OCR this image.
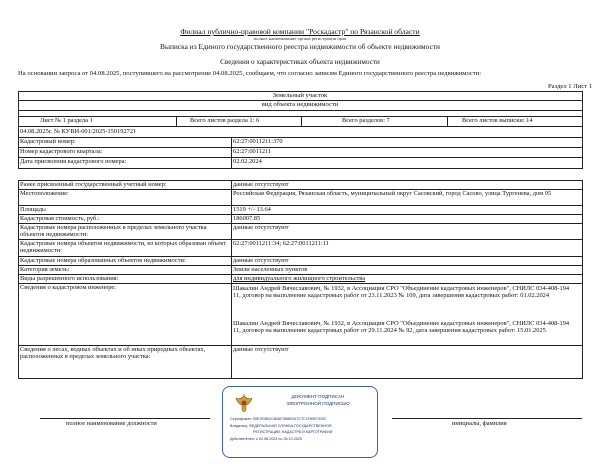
Филиал публично-правовой компании "Роскадастр" по Рязанской области
полное наименование органа регистрации прав
Выписка из Единого государственного реестра недвижимости об объекте недвижимости
Сведения о характеристиках объекта недвижимости
На основании запроса от 04.08.2025, поступившего на рассмотрение 04.08.2025, сообщаем, что согласно записям Единого государственного реестра недвижимости:
Раздел 1 Лист 1
Земельный участок
вид объекта недвижимости
Лист № 1 раздела 1	Всего листов раздела 1: 6	Всего разделов: 7	Всего листов выписки: 14
04.08.2025г. № КУВИ-001/2025-150192721
Кадастровый номер:	62:27:0011211:370
Номер кадастрового квартала:	62:27:0011211
Дата присвоения кадастрового номера:	02.02.2024
Ранее присвоенный государственный учетный номер:	данные отсутствуют
Местоположение:	Российская Федерация, Рязанская область, муниципальный округ Сасовский, город Сасово, улица Тургенева, дом 95
Площадь:	1519 +/- 13.64
Кадастровая стоимость, руб.:	186007.85
Кадастровые номера расположенных в пределах земельного участка объектов недвижимости:
данные отсутствуют
Кадастровые номера объектов недвижимости, из которых образован объект недвижимости:
62:27:0011211:34; 62:27:0011211:11
Кадастровые номера образованных объектов недвижимости:	данные отсутствуют
Категория земель:	Земли населенных пунктов
Виды разрешенного использования:	для индивидуального жилищного строительства
Сведения о кадастровом инженере:	Шакалин Андрей Вячеславович, № 1932, в Ассоциация СРО "Объединение кадастровых инженеров", СНИЛС 034-408-194 11, договор на выполнение кадастровых работ от 23.11.2023 № 109, дата завершения кадастровых работ: 01.02.2024
Шакалин Андрей Вячеславович, № 1932, в Ассоциация СРО "Объединение кадастровых инженеров", СНИЛС 034-408-194 11, договор на выполнение кадастровых работ от 29.11.2024 № 92, дата завершения кадастровых работ: 15.01.2025
Сведения о лесах, водных объектах и об иных природных объектах, расположенных в пределах земельного участка:
данные отсутствуют
полное наименование должности	инициалы, фамилия
ДОКУМЕНТ ПОДПИСАН
ЭЛЕКТРОННОЙ ПОДПИСЬЮ
Сертификат: 00E7E0B2C4BAF2B6EEA7C7C1F69E7D3E
Владелец: ФЕДЕРАЛЬНАЯ СЛУЖБА ГОСУДАРСТВЕННОЙ
РЕГИСТРАЦИИ, КАДАСТРА И КАРТОГРАФИИ
Действителен: с 02.08.2024 по 26.10.2025
